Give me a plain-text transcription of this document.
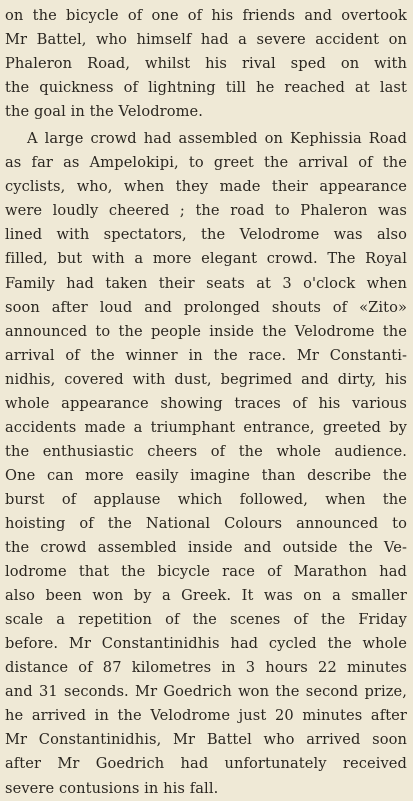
on the bicycle of one of his friends and overtook
Mr Battel, who himself had a severe accident on
Phaleron Road, whilst his rival sped on with
the quickness of lightning till he reached at last
the goal in the Velodrome.
A large crowd had assembled on Kephissia Road
as far as Ampelokipi, to greet the arrival of the
cyclists, who, when they made their appearance
were loudly cheered ; the road to Phaleron was
lined with spectators, the Velodrome was also
filled, but with a more elegant crowd. The Royal
Family had taken their seats at 3 o'clock when
soon after loud and prolonged shouts of «Zito»
announced to the people inside the Velodrome the
arrival of the winner in the race. Mr Constanti-
nidhis, covered with dust, begrimed and dirty, his
whole appearance showing traces of his various
accidents made a triumphant entrance, greeted by
the enthusiastic cheers of the whole audience.
One can more easily imagine than describe the
burst of applause which followed, when the
hoisting of the National Colours announced to
the crowd assembled inside and outside the Ve-
lodrome that the bicycle race of Marathon had
also been won by a Greek. It was on a smaller
scale a repetition of the scenes of the Friday
before. Mr Constantinidhis had cycled the whole
distance of 87 kilometres in 3 hours 22 minutes
and 31 seconds. Mr Goedrich won the second prize,
he arrived in the Velodrome just 20 minutes after
Mr Constantinidhis, Mr Battel who arrived soon
after Mr Goedrich had unfortunately received
severe contusions in his fall.
